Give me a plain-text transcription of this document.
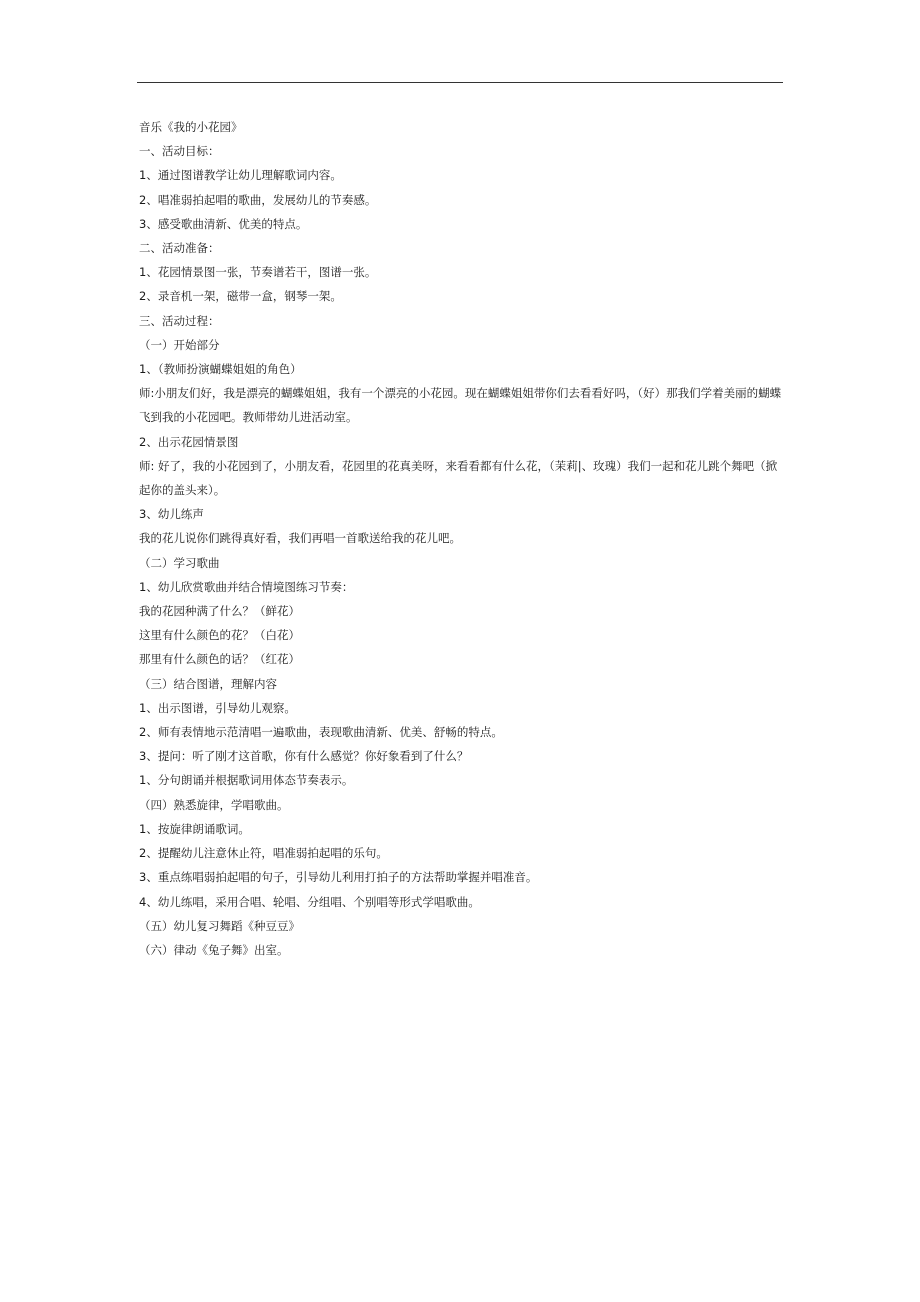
音乐《我的小花园》
一、活动目标：
1、通过图谱教学让幼儿理解歌词内容。
2、唱准弱拍起唱的歌曲，发展幼儿的节奏感。
3、感受歌曲清新、优美的特点。
二、活动准备：
1、花园情景图一张，节奏谱若干，图谱一张。
2、录音机一架，磁带一盒，钢琴一架。
三、活动过程：
（一）开始部分
1、（教师扮演蝴蝶姐姐的角色）
师:小朋友们好，我是漂亮的蝴蝶姐姐，我有一个漂亮的小花园。现在蝴蝶姐姐带你们去看看好吗，（好）那我们学着美丽的蝴蝶飞到我的小花园吧。教师带幼儿进活动室。
2、出示花园情景图
师: 好了，我的小花园到了，小朋友看，花园里的花真美呀，来看看都有什么花，（茉莉|、玫瑰）我们一起和花儿跳个舞吧（掀起你的盖头来）。
3、幼儿练声
我的花儿说你们跳得真好看，我们再唱一首歌送给我的花儿吧。
（二）学习歌曲
1、幼儿欣赏歌曲并结合情境图练习节奏：
我的花园种满了什么？（鲜花）
这里有什么颜色的花？（白花）
那里有什么颜色的话？（红花）
（三）结合图谱，理解内容
1、出示图谱，引导幼儿观察。
2、师有表情地示范清唱一遍歌曲，表现歌曲清新、优美、舒畅的特点。
3、提问：听了刚才这首歌，你有什么感觉？你好象看到了什么？
1、分句朗诵并根据歌词用体态节奏表示。
（四）熟悉旋律，学唱歌曲。
1、按旋律朗诵歌词。
2、提醒幼儿注意休止符，唱准弱拍起唱的乐句。
3、重点练唱弱拍起唱的句子，引导幼儿利用打拍子的方法帮助掌握并唱准音。
4、幼儿练唱，采用合唱、轮唱、分组唱、个别唱等形式学唱歌曲。
（五）幼儿复习舞蹈《种豆豆》
（六）律动《兔子舞》出室。
